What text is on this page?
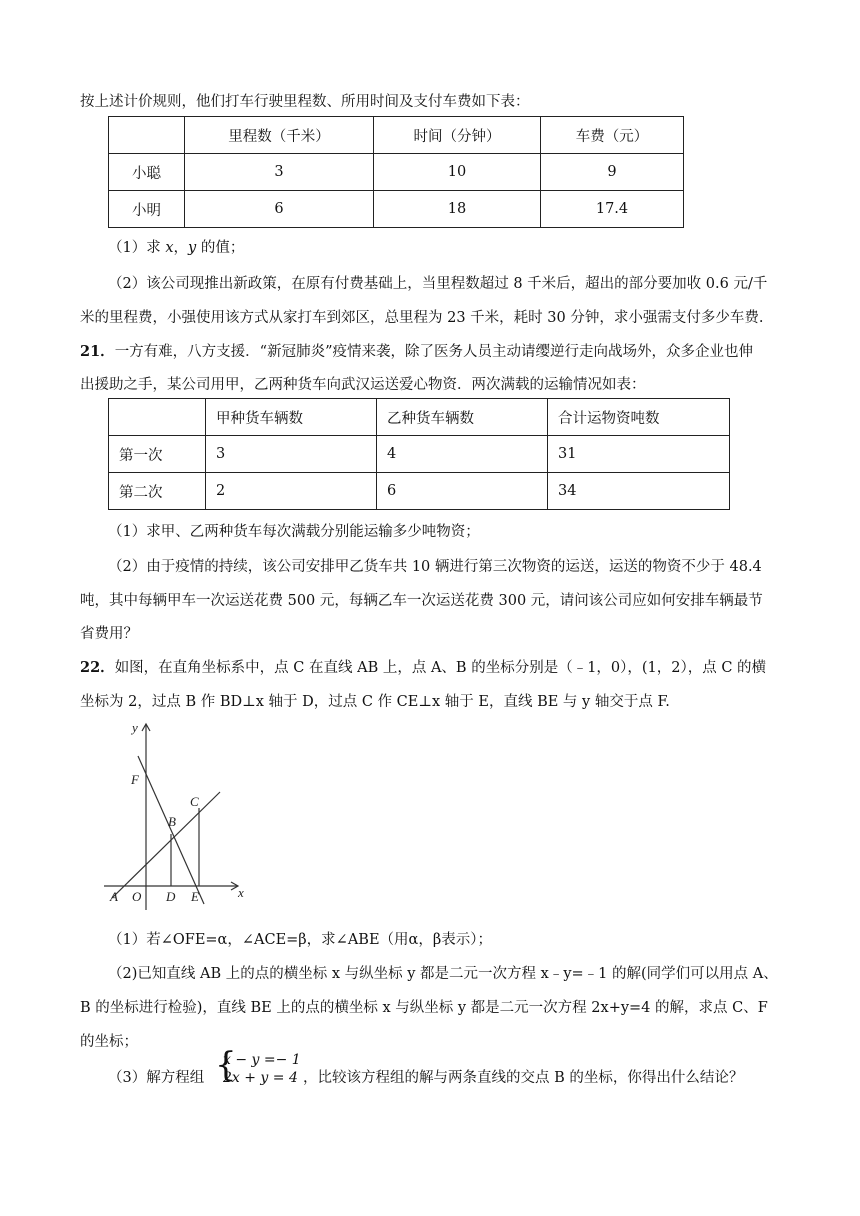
按上述计价规则，他们打车行驶里程数、所用时间及支付车费如下表：
	里程数（千米）	时间（分钟）	车费（元）
小聪	3	10	9
小明	6	18	17.4
（1）求 x，y 的值；
（2）该公司现推出新政策，在原有付费基础上，当里程数超过 8 千米后，超出的部分要加收 0.6 元/千
米的里程费，小强使用该方式从家打车到郊区，总里程为 23 千米，耗时 30 分钟，求小强需支付多少车费.
21．一方有难，八方支援．“新冠肺炎”疫情来袭，除了医务人员主动请缨逆行走向战场外，众多企业也伸
出援助之手，某公司用甲，乙两种货车向武汉运送爱心物资．两次满载的运输情况如表：
	甲种货车辆数	乙种货车辆数	合计运物资吨数
第一次	3	4	31
第二次	2	6	34
（1）求甲、乙两种货车每次满载分别能运输多少吨物资；
（2）由于疫情的持续，该公司安排甲乙货车共 10 辆进行第三次物资的运送，运送的物资不少于 48.4
吨，其中每辆甲车一次运送花费 500 元，每辆乙车一次运送花费 300 元，请问该公司应如何安排车辆最节
省费用？
22．如图，在直角坐标系中，点 C 在直线 AB 上，点 A、B 的坐标分别是（﹣1，0），(1，2），点 C 的横
坐标为 2，过点 B 作 BD⊥x 轴于 D，过点 C 作 CE⊥x 轴于 E，直线 BE 与 y 轴交于点 F.
y
x
F
B
C
A O D E
（1）若∠OFE=α，∠ACE=β，求∠ABE（用α，β表示）；
（2)已知直线 AB 上的点的横坐标 x 与纵坐标 y 都是二元一次方程 x﹣y=﹣1 的解(同学们可以用点 A、
B 的坐标进行检验)，直线 BE 上的点的横坐标 x 与纵坐标 y 都是二元一次方程 2x+y=4 的解，求点 C、F
的坐标；
（3）解方程组 {
x − y =− 1
2x + y = 4 ，比较该方程组的解与两条直线的交点 B 的坐标，你得出什么结论？
